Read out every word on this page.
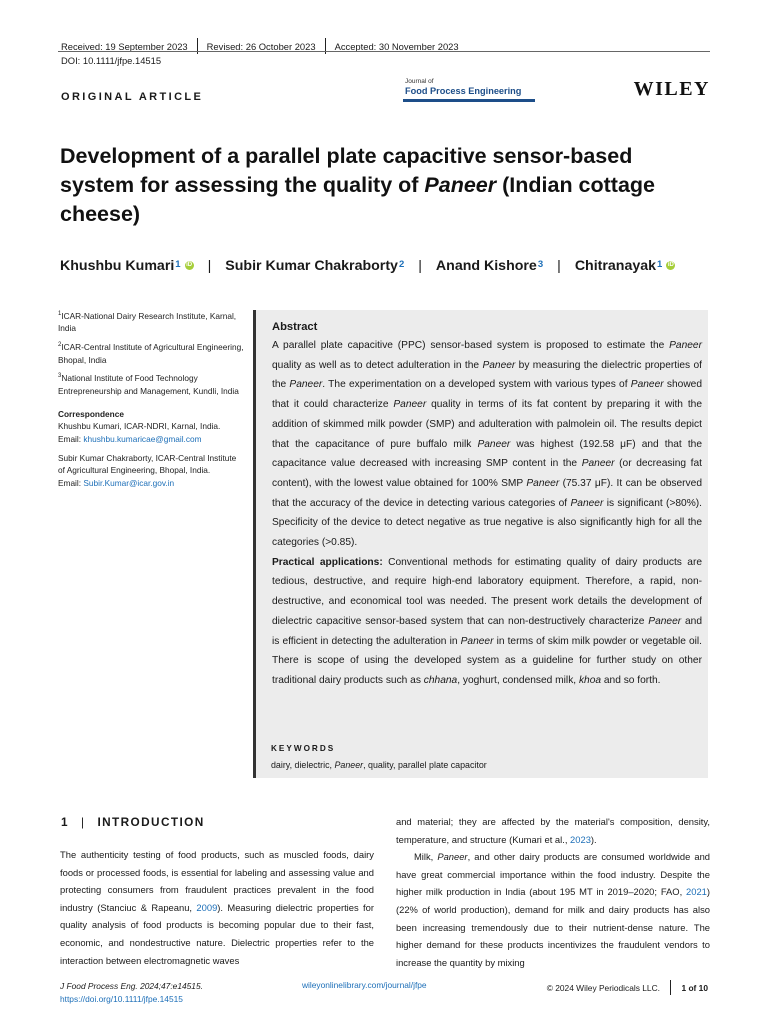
Received: 19 September 2023 Revised: 26 October 2023 Accepted: 30 November 2023
DOI: 10.1111/jfpe.14515
ORIGINAL ARTICLE
Journal of
Food Process Engineering	WILEY
Development of a parallel plate capacitive sensor-based system for assessing the quality of Paneer (Indian cottage cheese)
Khushbu Kumari$^1$ iD | Subir Kumar Chakraborty$^2$ | Anand Kishore$^3$ | Chitranayak$^1$ iD
$^1$ICAR-National Dairy Research Institute, Karnal, India
$^2$ICAR-Central Institute of Agricultural Engineering, Bhopal, India
$^3$National Institute of Food Technology Entrepreneurship and Management, Kundli, India
Correspondence
Khushbu Kumari, ICAR-NDRI, Karnal, India.
Email: khushbu.kumaricae@gmail.com
Subir Kumar Chakraborty, ICAR-Central Institute of Agricultural Engineering, Bhopal, India.
Email: Subir.Kumar@icar.gov.in
Abstract

A parallel plate capacitive (PPC) sensor-based system is proposed to estimate the Paneer quality as well as to detect adulteration in the Paneer by measuring the dielectric properties of the Paneer. The experimentation on a developed system with various types of Paneer showed that it could characterize Paneer quality in terms of its fat content by preparing it with the addition of skimmed milk powder (SMP) and adulteration with palmolein oil. The results depict that the capacitance of pure buffalo milk Paneer was highest (192.58 μF) and that the capacitance value decreased with increasing SMP content in the Paneer (or decreasing fat content), with the lowest value obtained for 100% SMP Paneer (75.37 μF). It can be observed that the accuracy of the device in detecting various categories of Paneer is significant (>80%). Specificity of the device to detect negative as true negative is also significantly high for all the categories (>0.85).

Practical applications: Conventional methods for estimating quality of dairy products are tedious, destructive, and require high-end laboratory equipment. Therefore, a rapid, non-destructive, and economical tool was needed. The present work details the development of dielectric capacitive sensor-based system that can non-destructively characterize Paneer and is efficient in detecting the adulteration in Paneer in terms of skim milk powder or vegetable oil. There is scope of using the developed system as a guideline for further study on other traditional dairy products such as chhana, yoghurt, condensed milk, khoa and so forth.

KEYWORDS
dairy, dielectric, Paneer, quality, parallel plate capacitor
1 | INTRODUCTION

The authenticity testing of food products, such as muscled foods, dairy foods or processed foods, is essential for labeling and assessing value and protecting consumers from fraudulent practices prevalent in the food industry (Stanciuc & Rapeanu, 2009). Measuring dielectric properties for quality analysis of food products is becoming popular due to their fast, economic, and nondestructive nature. Dielectric properties refer to the interaction between electromagnetic waves

and material; they are affected by the material's composition, density, temperature, and structure (Kumari et al., 2023).

Milk, Paneer, and other dairy products are consumed worldwide and have great commercial importance within the food industry. Despite the higher milk production in India (about 195 MT in 2019–2020; FAO, 2021) (22% of world production), demand for milk and dairy products has also been increasing tremendously due to their nutrient-dense nature. The higher demand for these products incentivizes the fraudulent vendors to increase the quantity by mixing

J Food Process Eng. 2024;47:e14515.
https://doi.org/10.1111/jfpe.14515
wileyonlinelibrary.com/journal/jfpe	© 2024 Wiley Periodicals LLC.	1 of 10
